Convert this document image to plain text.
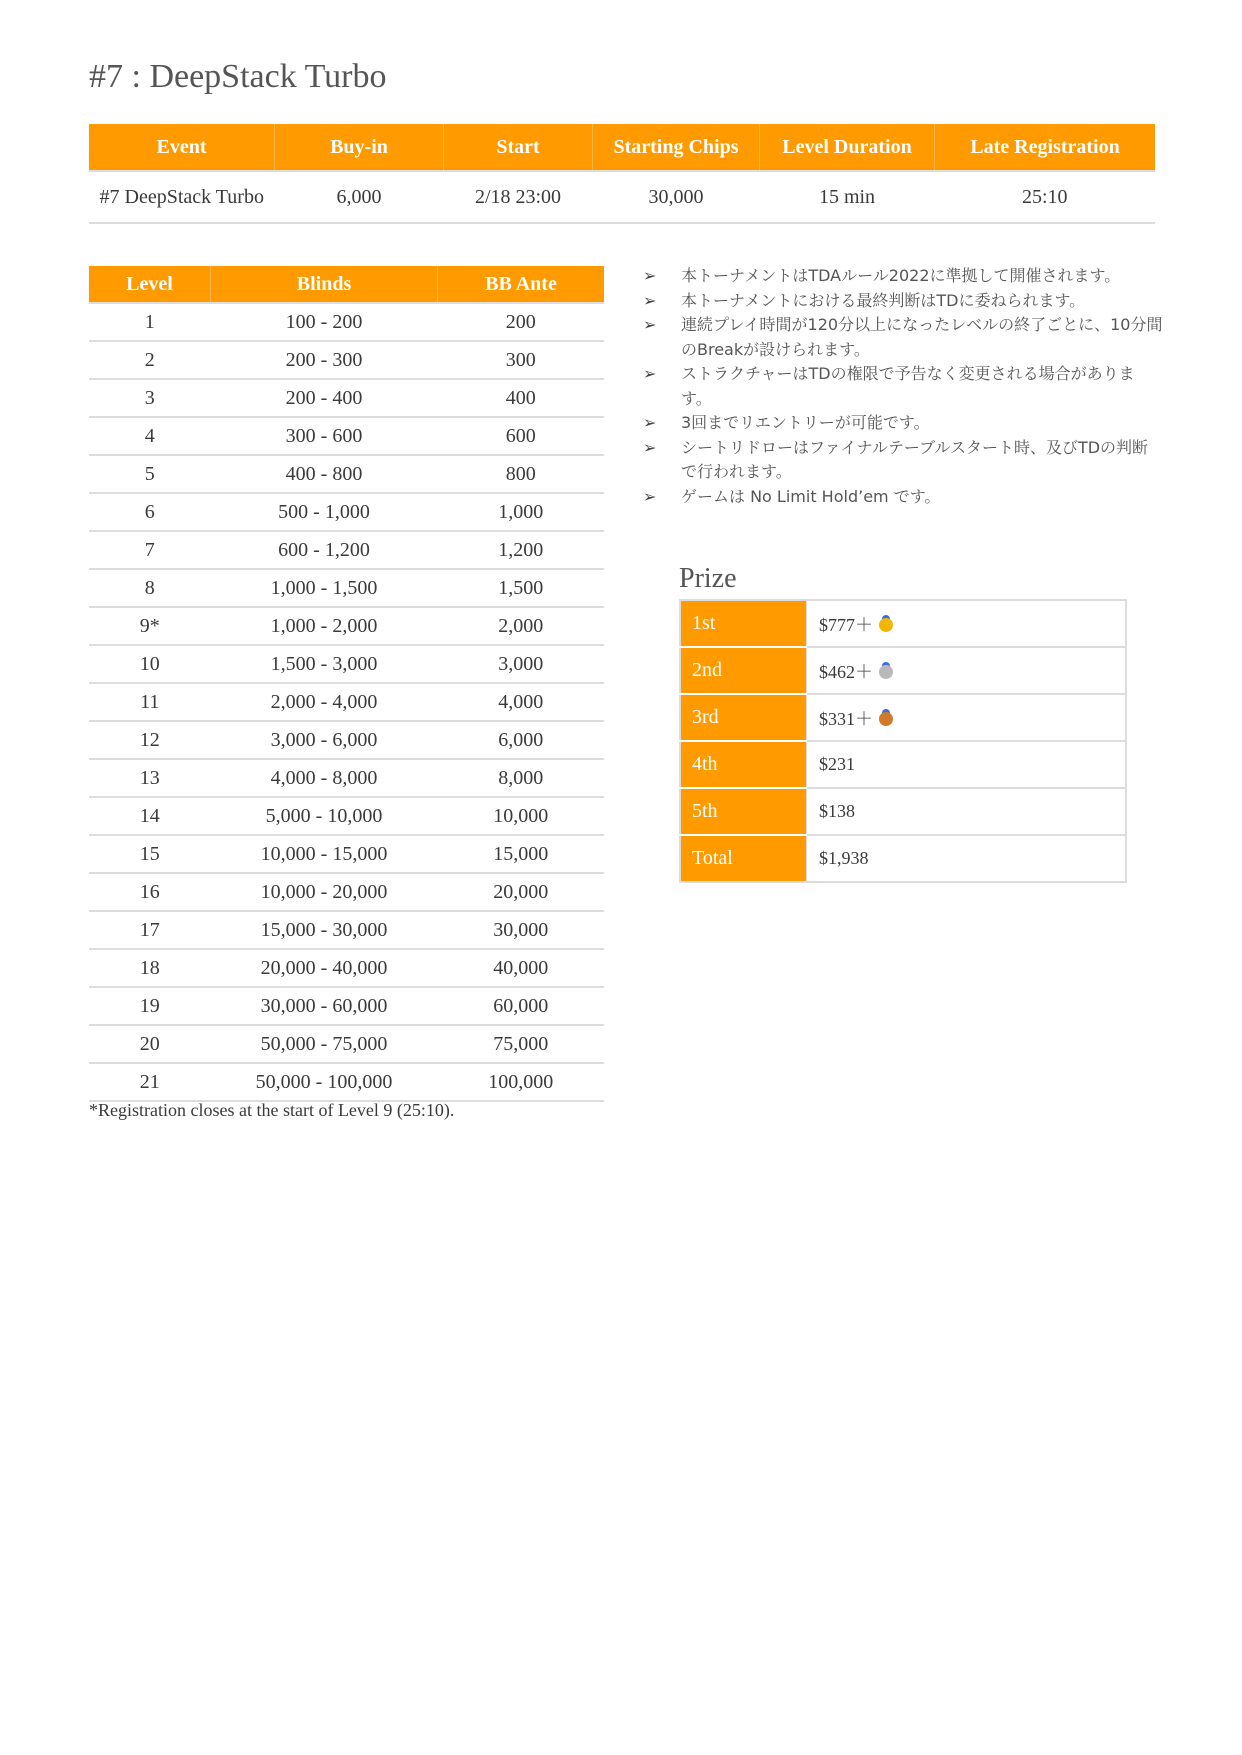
#7 : DeepStack Turbo
Event	Buy-in	Start	Starting Chips	Level Duration	Late Registration
#7 DeepStack Turbo	6,000	2/18 23:00	30,000	15 min	25:10
Level	Blinds	BB Ante
1	100 - 200	200
2	200 - 300	300
3	200 - 400	400
4	300 - 600	600
5	400 - 800	800
6	500 - 1,000	1,000
7	600 - 1,200	1,200
8	1,000 - 1,500	1,500
9*	1,000 - 2,000	2,000
10	1,500 - 3,000	3,000
11	2,000 - 4,000	4,000
12	3,000 - 6,000	6,000
13	4,000 - 8,000	8,000
14	5,000 - 10,000	10,000
15	10,000 - 15,000	15,000
16	10,000 - 20,000	20,000
17	15,000 - 30,000	30,000
18	20,000 - 40,000	40,000
19	30,000 - 60,000	60,000
20	50,000 - 75,000	75,000
21	50,000 - 100,000	100,000
*Registration closes at the start of Level 9 (25:10).
➢ 本トーナメントはTDAルール2022に準拠して開催されます。
➢ 本トーナメントにおける最終判断はTDに委ねられます。
➢ 連続プレイ時間が120分以上になったレベルの終了ごとに、10分間のBreakが設けられます。
➢ ストラクチャーはTDの権限で予告なく変更される場合があります。
➢ 3回までリエントリーが可能です。
➢ シートリドローはファイナルテーブルスタート時、及びTDの判断で行われます。
➢ ゲームは No Limit Hold’em です。
Prize
1st	$777＋
2nd	$462＋
3rd	$331＋
4th	$231
5th	$138
Total	$1,938
